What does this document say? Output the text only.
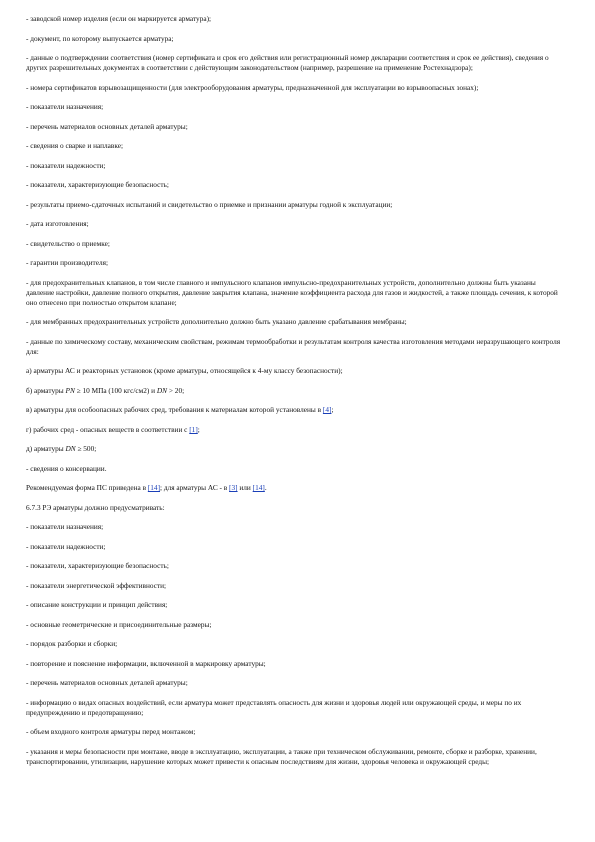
- заводской номер изделия (если он маркируется арматура);

- документ, по которому выпускается арматура;

- данные о подтверждении соответствия (номер сертификата и срок его действия или регистрационный номер декларации соответствия и срок ее действия), сведения о других разрешительных документах в соответствии с действующим законодательством (например, разрешение на применение Ростехнадзора);

- номера сертификатов взрывозащищенности (для электрооборудования арматуры, предназначенной для эксплуатации во взрывоопасных зонах);

- показатели назначения;

- перечень материалов основных деталей арматуры;

- сведения о сварке и наплавке;

- показатели надежности;

- показатели, характеризующие безопасность;

- результаты приемо-сдаточных испытаний и свидетельство о приемке и признании арматуры годной к эксплуатации;

- дата изготовления;

- свидетельство о приемке;

- гарантии производителя;

- для предохранительных клапанов, в том числе главного и импульсного клапанов импульсно-предохранительных устройств, дополнительно должны быть указаны давление настройки, давление полного открытия, давление закрытия клапана, значение коэффициента расхода для газов и жидкостей, а также площадь сечения, к которой оно отнесено при полностью открытом клапане;

- для мембранных предохранительных устройств дополнительно должно быть указано давление срабатывания мембраны;

- данные по химическому составу, механическим свойствам, режимам термообработки и результатам контроля качества изготовления методами неразрушающего контроля для:

а) арматуры АС и реакторных установок (кроме арматуры, относящейся к 4-му классу безопасности);

б) арматуры PN ≥ 10 МПа (100 кгс/см2) и DN > 20;

в) арматуры для особоопасных рабочих сред, требования к материалам которой установлены в [4];

г) рабочих сред - опасных веществ в соответствии с [1];

д) арматуры DN ≥ 500;

- сведения о консервации.

Рекомендуемая форма ПС приведена в [14]; для арматуры АС - в [3] или [14].

6.7.3 РЭ арматуры должно предусматривать:

- показатели назначения;

- показатели надежности;

- показатели, характеризующие безопасность;

- показатели энергетической эффективности;

- описание конструкции и принцип действия;

- основные геометрические и присоединительные размеры;

- порядок разборки и сборки;

- повторение и пояснение информации, включенной в маркировку арматуры;

- перечень материалов основных деталей арматуры;

- информацию о видах опасных воздействий, если арматура может представлять опасность для жизни и здоровья людей или окружающей среды, и меры по их предупреждению и предотвращению;

- объем входного контроля арматуры перед монтажом;

- указания и меры безопасности при монтаже, вводе в эксплуатацию, эксплуатации, а также при техническом обслуживании, ремонте, сборке и разборке, хранении, транспортировании, утилизации, нарушение которых может привести к опасным последствиям для жизни, здоровья человека и окружающей среды;
